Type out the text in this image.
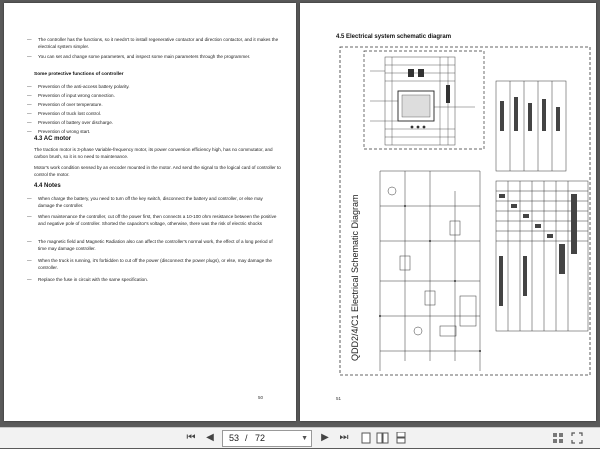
— The controller has the functions, so it needn't to install regenerative contactor and direction contactor, and it makes the electrical system simpler.
— You can set and change some parameters, and inspect some main parameters through the programmer.
Some protective functions of controller
— Prevention of the anti-access battery polarity.
— Prevention of input wrong connection.
— Prevention of over temperature.
— Prevention of truck lost control.
— Prevention of battery over discharge.
— Prevention of wrong start.
4.3 AC motor
The traction motor is 3-phase Variable-frequency motor, its power conversion efficiency high, has no commutator, and carbon brush, so it is no need to maintenance.
Motor's work condition sensed by an encoder mounted in the motor. And send the signal to the logical card of controller to control the motor.
4.4 Notes
— When charge the battery, you need to turn off the key switch, disconnect the battery and controller, or else may damage the controller.
— When maintenance the controller, cut off the power first, then connects a 10-100 ohm resistance between the positive and negative pole of controller. Shorted the capacitor's voltage, otherwise, there was the risk of electric shocks
— The magnetic field and Magnetic Radiation also can affect the controller's normal work, the effect of a long period of time may damage controller.
— When the truck is running, it's forbidden to cut off the power (disconnect the power plugs), or else, may damage the controller.
— Replace the fuse in circuit with the same specification.
50
4.5 Electrical system schematic diagram
QDD2/4/C1 Electrical Schematic Diagram
51
⏮	◀	53 / 72	▼	▶	⏭
